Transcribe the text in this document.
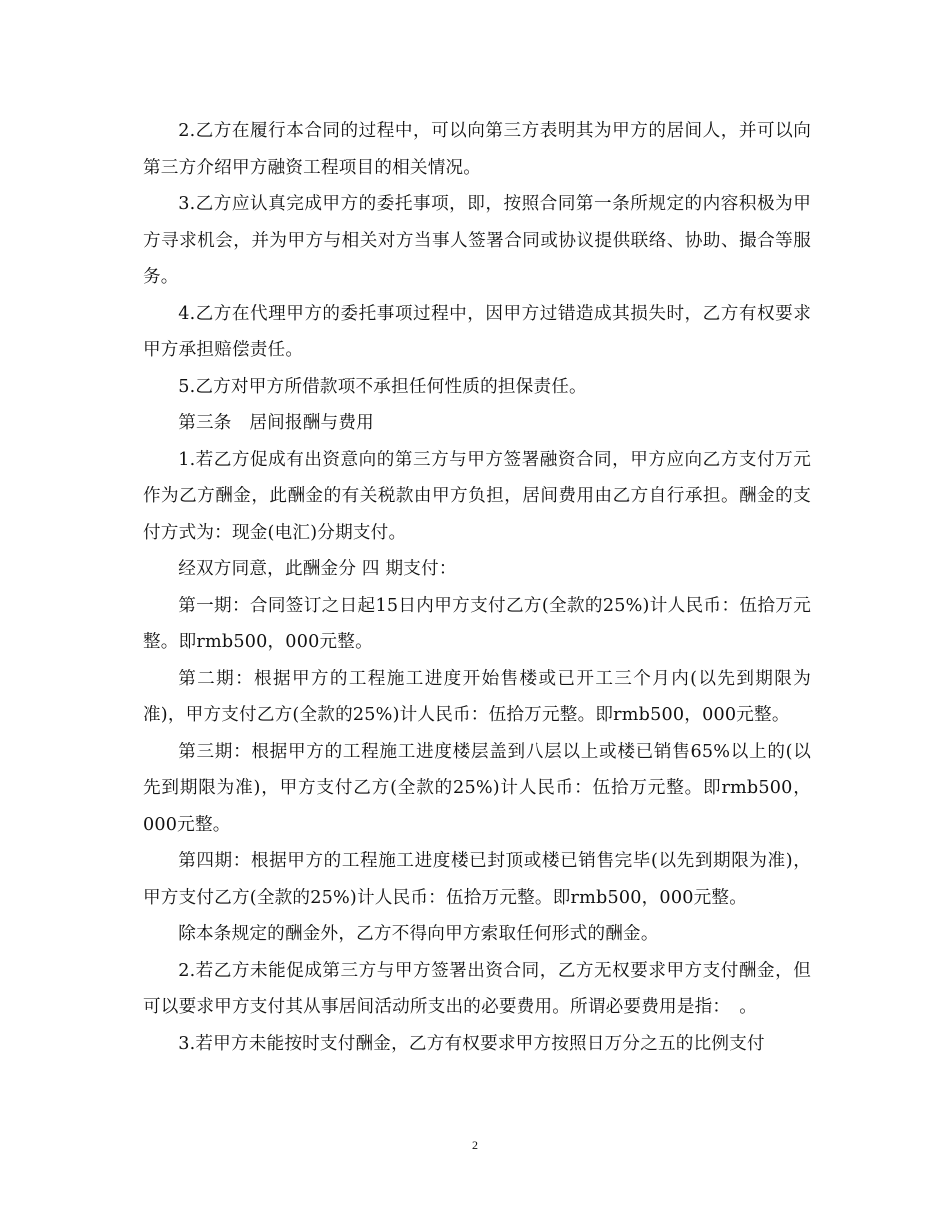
2.乙方在履行本合同的过程中，可以向第三方表明其为甲方的居间人，并可以向第三方介绍甲方融资工程项目的相关情况。

3.乙方应认真完成甲方的委托事项，即，按照合同第一条所规定的内容积极为甲方寻求机会，并为甲方与相关对方当事人签署合同或协议提供联络、协助、撮合等服务。

4.乙方在代理甲方的委托事项过程中，因甲方过错造成其损失时，乙方有权要求甲方承担赔偿责任。

5.乙方对甲方所借款项不承担任何性质的担保责任。

第三条　居间报酬与费用

1.若乙方促成有出资意向的第三方与甲方签署融资合同，甲方应向乙方支付万元作为乙方酬金，此酬金的有关税款由甲方负担，居间费用由乙方自行承担。酬金的支付方式为：现金(电汇)分期支付。

经双方同意，此酬金分 四 期支付：

第一期：合同签订之日起15日内甲方支付乙方(全款的25%)计人民币：伍拾万元整。即rmb500，000元整。

第二期：根据甲方的工程施工进度开始售楼或已开工三个月内(以先到期限为准)，甲方支付乙方(全款的25%)计人民币：伍拾万元整。即rmb500，000元整。

第三期：根据甲方的工程施工进度楼层盖到八层以上或楼已销售65%以上的(以先到期限为准)，甲方支付乙方(全款的25%)计人民币：伍拾万元整。即rmb500，000元整。

第四期：根据甲方的工程施工进度楼已封顶或楼已销售完毕(以先到期限为准)，甲方支付乙方(全款的25%)计人民币：伍拾万元整。即rmb500，000元整。

除本条规定的酬金外，乙方不得向甲方索取任何形式的酬金。

2.若乙方未能促成第三方与甲方签署出资合同，乙方无权要求甲方支付酬金，但可以要求甲方支付其从事居间活动所支出的必要费用。所谓必要费用是指：　。

3.若甲方未能按时支付酬金，乙方有权要求甲方按照日万分之五的比例支付

2
